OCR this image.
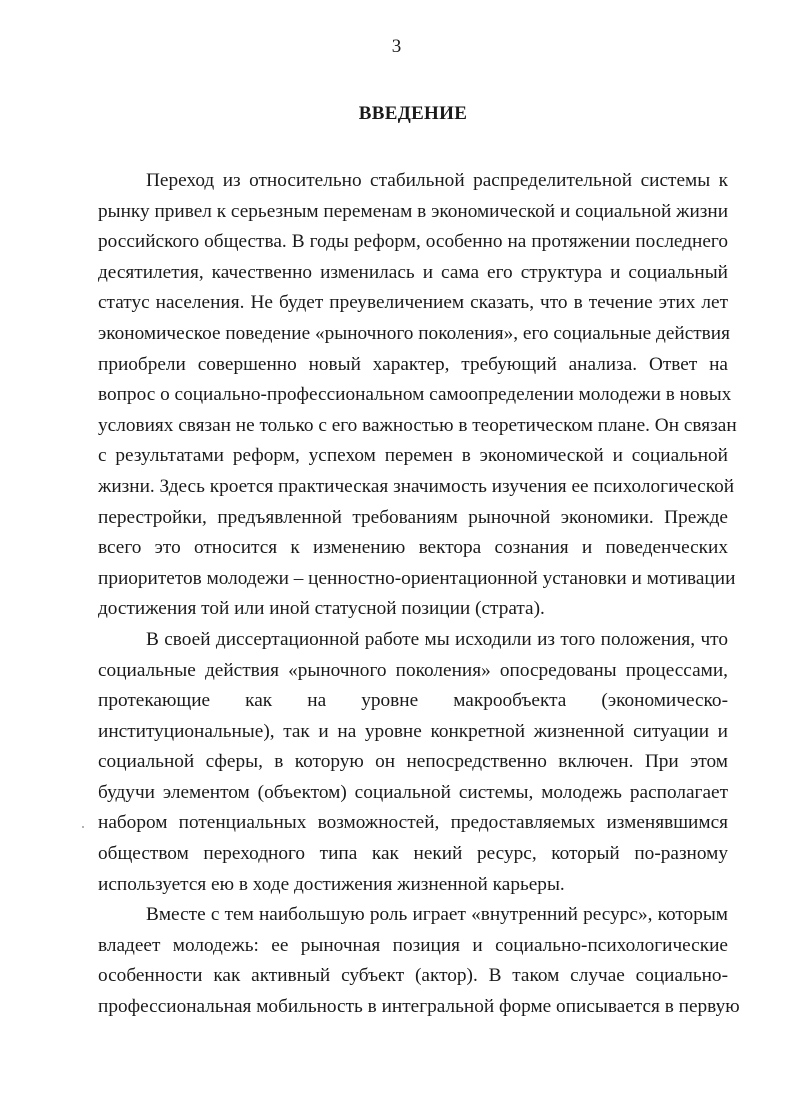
3
ВВЕДЕНИЕ
Переход из относительно стабильной распределительной системы к
рынку привел к серьезным переменам в экономической и социальной жизни
российского общества. В годы реформ, особенно на протяжении последнего
десятилетия, качественно изменилась и сама его структура и социальный
статус населения. Не будет преувеличением сказать, что в течение этих лет
экономическое поведение «рыночного поколения», его социальные действия
приобрели совершенно новый характер, требующий анализа. Ответ на
вопрос о социально-профессиональном самоопределении молодежи в новых
условиях связан не только с его важностью в теоретическом плане. Он связан
с результатами реформ, успехом перемен в экономической и социальной
жизни. Здесь кроется практическая значимость изучения ее психологической
перестройки, предъявленной требованиям рыночной экономики. Прежде
всего это относится к изменению вектора сознания и поведенческих
приоритетов молодежи – ценностно-ориентационной установки и мотивации
достижения той или иной статусной позиции (страта).
В своей диссертационной работе мы исходили из того положения, что
социальные действия «рыночного поколения» опосредованы процессами,
протекающие как на уровне макрообъекта (экономическо-
институциональные), так и на уровне конкретной жизненной ситуации и
социальной сферы, в которую он непосредственно включен. При этом
будучи элементом (объектом) социальной системы, молодежь располагает
набором потенциальных возможностей, предоставляемых изменявшимся
обществом переходного типа как некий ресурс, который по-разному
используется ею в ходе достижения жизненной карьеры.
Вместе с тем наибольшую роль играет «внутренний ресурс», которым
владеет молодежь: ее рыночная позиция и социально-психологические
особенности как активный субъект (актор). В таком случае социально-
профессиональная мобильность в интегральной форме описывается в первую
